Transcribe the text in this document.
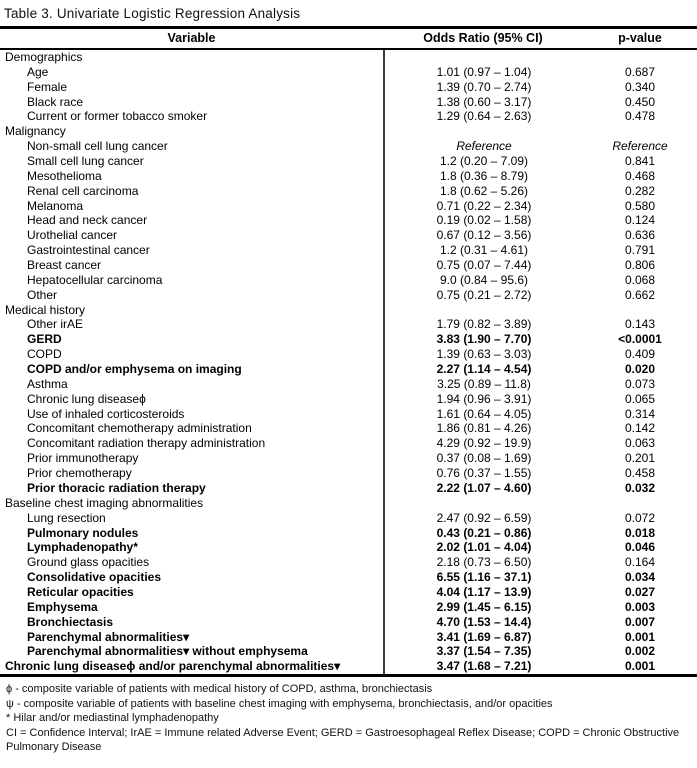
Table 3. Univariate Logistic Regression Analysis
Variable	Odds Ratio (95% CI)	p-value
Demographics
Age	1.01 (0.97 – 1.04)	0.687
Female	1.39 (0.70 – 2.74)	0.340
Black race	1.38 (0.60 – 3.17)	0.450
Current or former tobacco smoker	1.29 (0.64 – 2.63)	0.478
Malignancy
Non-small cell lung cancer	Reference	Reference
Small cell lung cancer	1.2 (0.20 – 7.09)	0.841
Mesothelioma	1.8 (0.36 – 8.79)	0.468
Renal cell carcinoma	1.8 (0.62 – 5.26)	0.282
Melanoma	0.71 (0.22 – 2.34)	0.580
Head and neck cancer	0.19 (0.02 – 1.58)	0.124
Urothelial cancer	0.67 (0.12 – 3.56)	0.636
Gastrointestinal cancer	1.2 (0.31 – 4.61)	0.791
Breast cancer	0.75 (0.07 – 7.44)	0.806
Hepatocellular carcinoma	9.0 (0.84 – 95.6)	0.068
Other	0.75 (0.21 – 2.72)	0.662
Medical history
Other irAE	1.79 (0.82 – 3.89)	0.143
GERD	3.83 (1.90 – 7.70)	<0.0001
COPD	1.39 (0.63 – 3.03)	0.409
COPD and/or emphysema on imaging	2.27 (1.14 – 4.54)	0.020
Asthma	3.25 (0.89 – 11.8)	0.073
Chronic lung diseaseϕ	1.94 (0.96 – 3.91)	0.065
Use of inhaled corticosteroids	1.61 (0.64 – 4.05)	0.314
Concomitant chemotherapy administration	1.86 (0.81 – 4.26)	0.142
Concomitant radiation therapy administration	4.29 (0.92 – 19.9)	0.063
Prior immunotherapy	0.37 (0.08 – 1.69)	0.201
Prior chemotherapy	0.76 (0.37 – 1.55)	0.458
Prior thoracic radiation therapy	2.22 (1.07 – 4.60)	0.032
Baseline chest imaging abnormalities
Lung resection	2.47 (0.92 – 6.59)	0.072
Pulmonary nodules	0.43 (0.21 – 0.86)	0.018
Lymphadenopathy*	2.02 (1.01 – 4.04)	0.046
Ground glass opacities	2.18 (0.73 – 6.50)	0.164
Consolidative opacities	6.55 (1.16 – 37.1)	0.034
Reticular opacities	4.04 (1.17 – 13.9)	0.027
Emphysema	2.99 (1.45 – 6.15)	0.003
Bronchiectasis	4.70 (1.53 – 14.4)	0.007
Parenchymal abnormalities▾	3.41 (1.69 – 6.87)	0.001
Parenchymal abnormalities▾ without emphysema	3.37 (1.54 – 7.35)	0.002
Chronic lung diseaseϕ and/or parenchymal abnormalities▾	3.47 (1.68 – 7.21)	0.001
ϕ - composite variable of patients with medical history of COPD, asthma, bronchiectasis
ψ - composite variable of patients with baseline chest imaging with emphysema, bronchiectasis, and/or opacities
* Hilar and/or mediastinal lymphadenopathy
CI = Confidence Interval; IrAE = Immune related Adverse Event; GERD = Gastroesophageal Reflex Disease; COPD = Chronic Obstructive Pulmonary Disease
